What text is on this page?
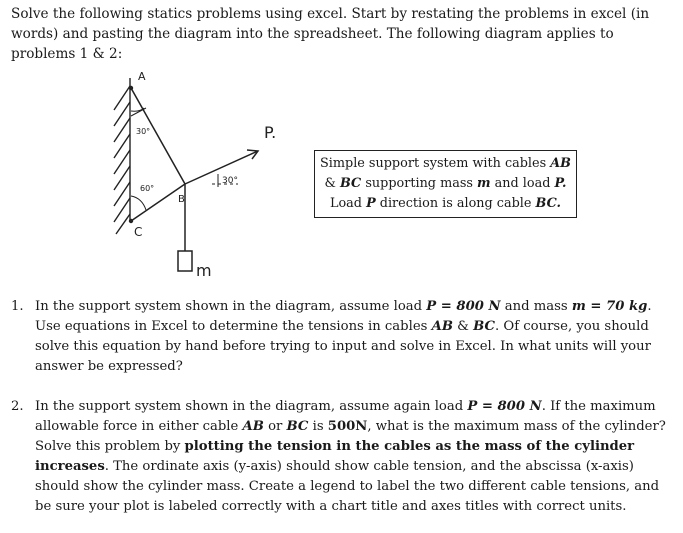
Solve the following statics problems using excel. Start by restating the problems in excel (in words) and pasting the diagram into the spreadsheet. The following diagram applies to problems 1 & 2:

A
B
C
P.
m
30°
60°
30°
Simple support system with cables AB
& BC supporting mass m and load P.
Load P direction is along cable BC.
1. In the support system shown in the diagram, assume load P = 800 N and mass m = 70 kg. Use equations in Excel to determine the tensions in cables AB & BC. Of course, you should solve this equation by hand before trying to input and solve in Excel. In what units will your answer be expressed?
2. In the support system shown in the diagram, assume again load P = 800 N. If the maximum allowable force in either cable AB or BC is 500N, what is the maximum mass of the cylinder? Solve this problem by plotting the tension in the cables as the mass of the cylinder increases. The ordinate axis (y-axis) should show cable tension, and the abscissa (x-axis) should show the cylinder mass. Create a legend to label the two different cable tensions, and be sure your plot is labeled correctly with a chart title and axes titles with correct units.
